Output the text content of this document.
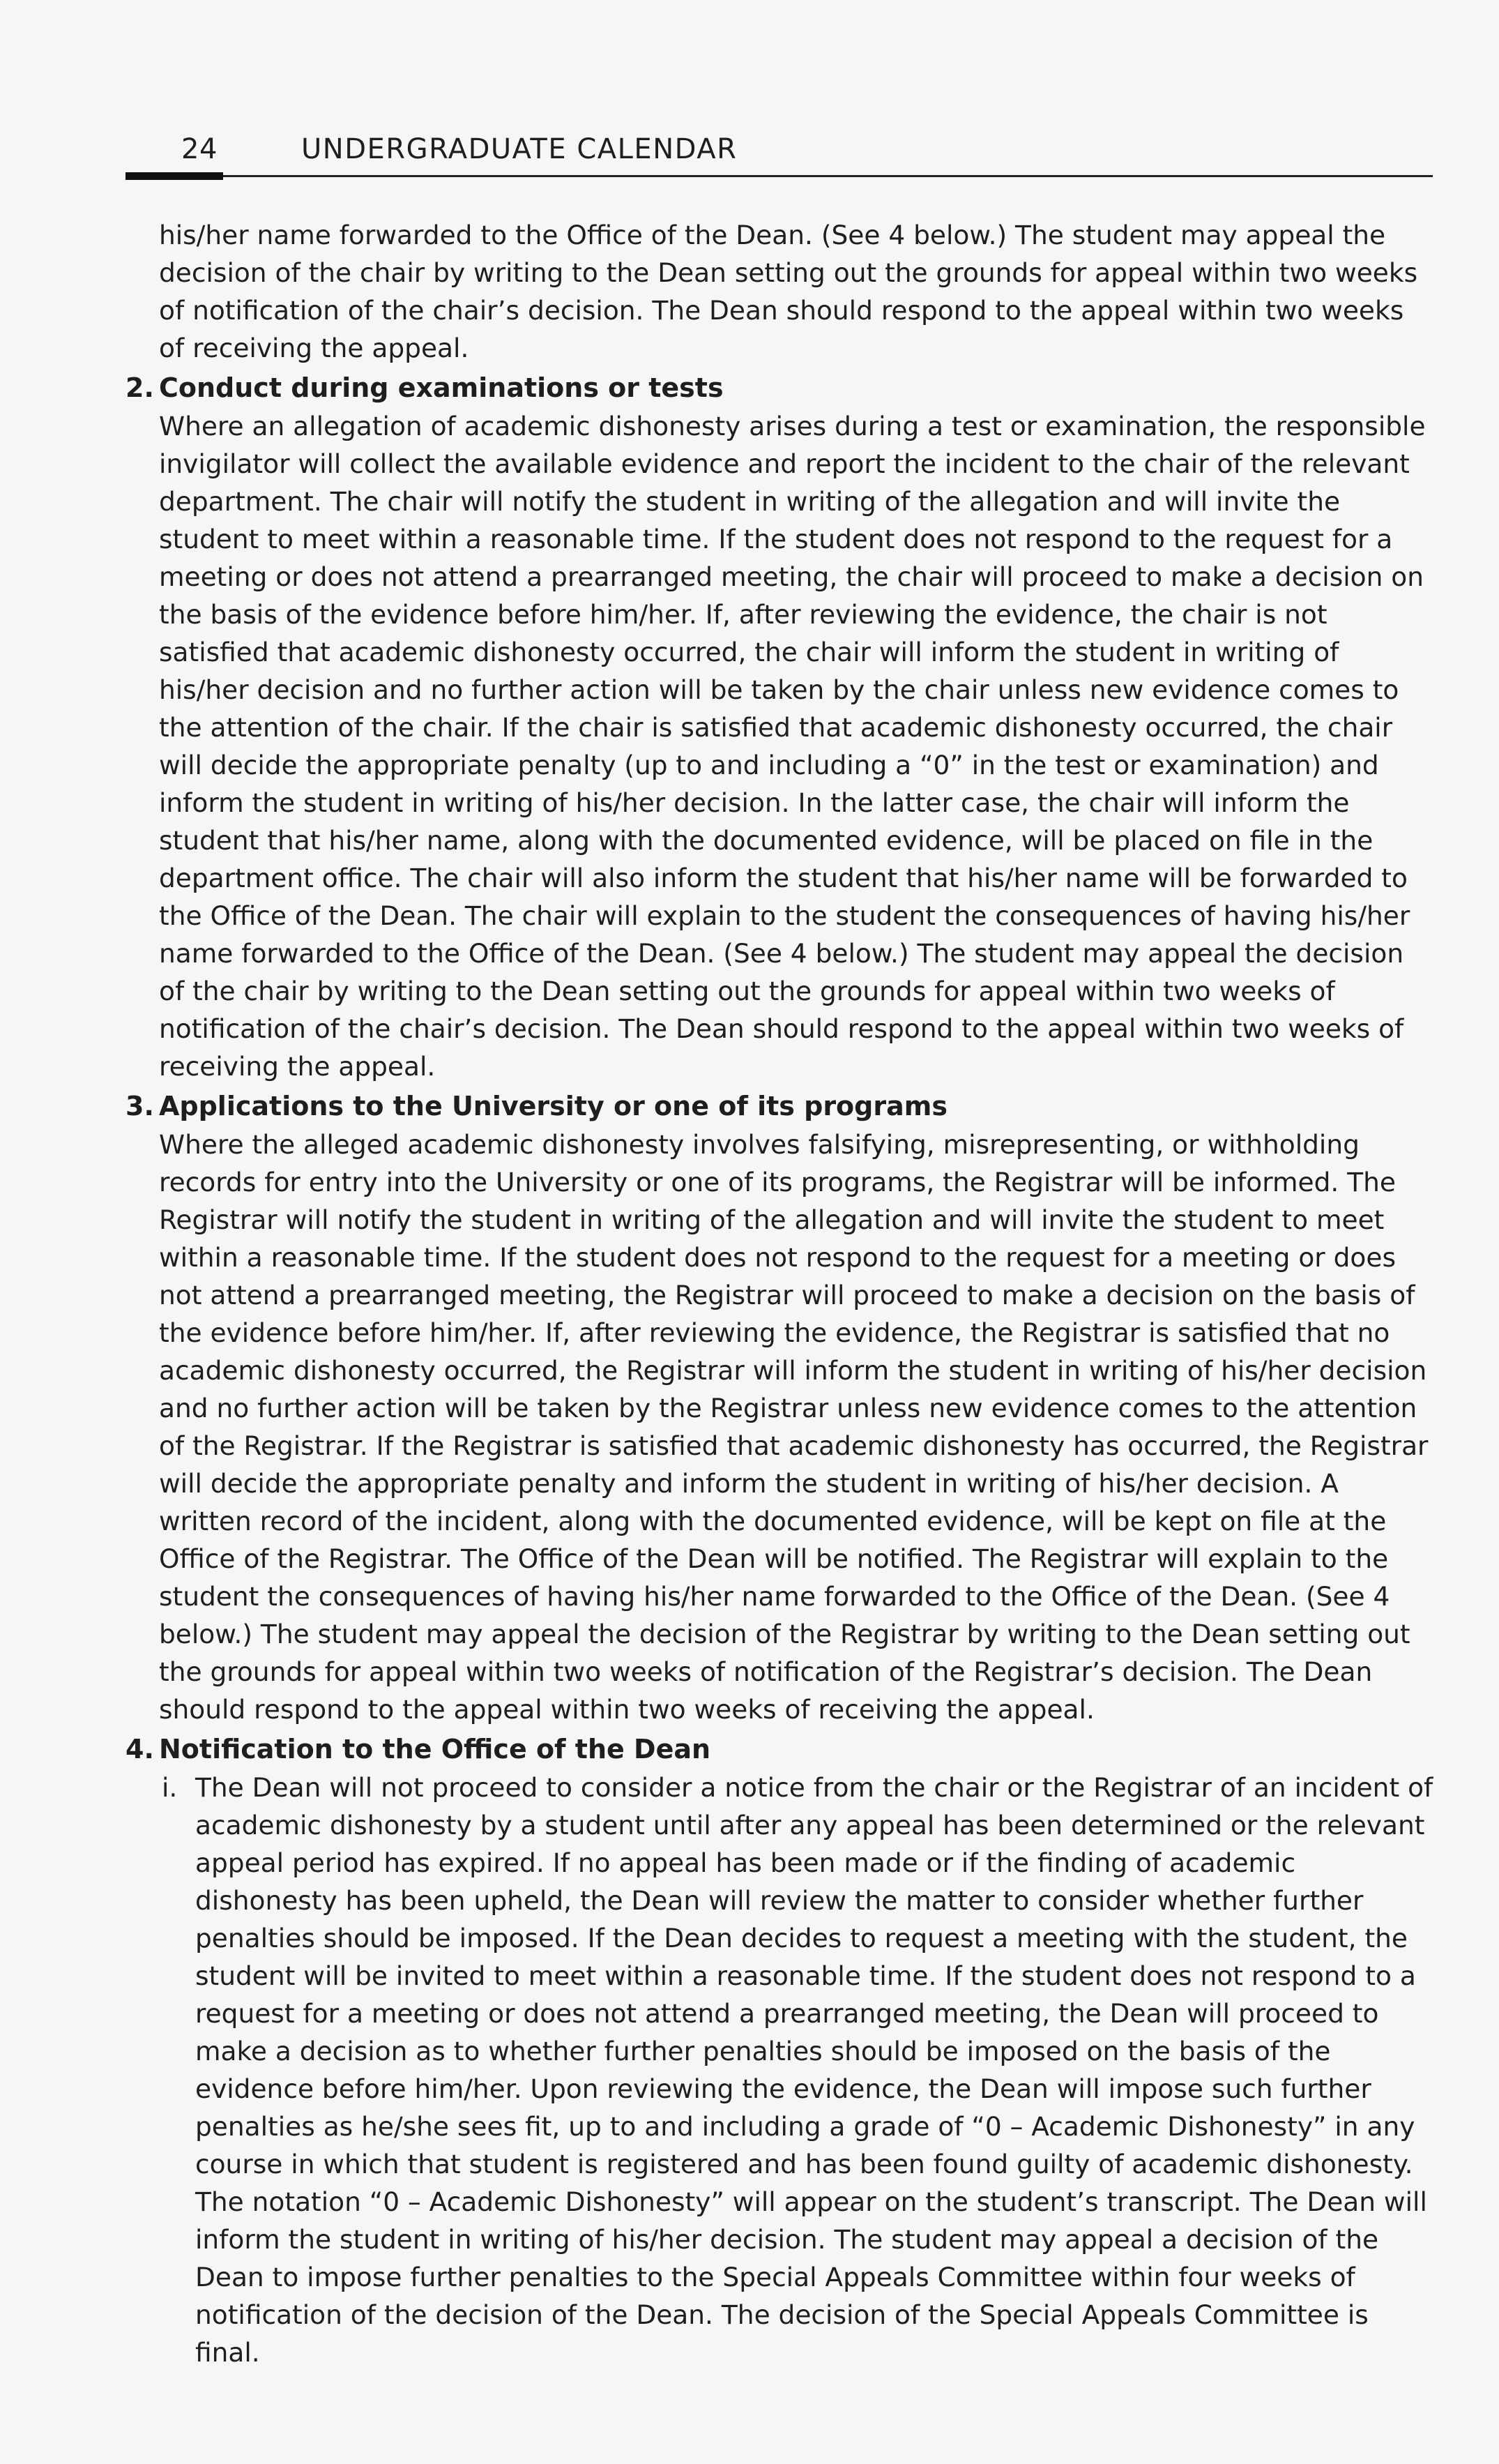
24	UNDERGRADUATE CALENDAR

his/her name forwarded to the Office of the Dean. (See 4 below.) The student may appeal the decision of the chair by writing to the Dean setting out the grounds for appeal within two weeks of notification of the chair’s decision. The Dean should respond to the appeal within two weeks of receiving the appeal.

2. Conduct during examinations or tests

Where an allegation of academic dishonesty arises during a test or examination, the responsible invigilator will collect the available evidence and report the incident to the chair of the relevant department. The chair will notify the student in writing of the allegation and will invite the student to meet within a reasonable time. If the student does not respond to the request for a meeting or does not attend a prearranged meeting, the chair will proceed to make a decision on the basis of the evidence before him/her. If, after reviewing the evidence, the chair is not satisfied that academic dishonesty occurred, the chair will inform the student in writing of his/her decision and no further action will be taken by the chair unless new evidence comes to the attention of the chair. If the chair is satisfied that academic dishonesty occurred, the chair will decide the appropriate penalty (up to and including a “0” in the test or examination) and inform the student in writing of his/her decision. In the latter case, the chair will inform the student that his/her name, along with the documented evidence, will be placed on file in the department office. The chair will also inform the student that his/her name will be forwarded to the Office of the Dean. The chair will explain to the student the consequences of having his/her name forwarded to the Office of the Dean. (See 4 below.) The student may appeal the decision of the chair by writing to the Dean setting out the grounds for appeal within two weeks of notification of the chair’s decision. The Dean should respond to the appeal within two weeks of receiving the appeal.

3. Applications to the University or one of its programs

Where the alleged academic dishonesty involves falsifying, misrepresenting, or withholding records for entry into the University or one of its programs, the Registrar will be informed. The Registrar will notify the student in writing of the allegation and will invite the student to meet within a reasonable time. If the student does not respond to the request for a meeting or does not attend a prearranged meeting, the Registrar will proceed to make a decision on the basis of the evidence before him/her. If, after reviewing the evidence, the Registrar is satisfied that no academic dishonesty occurred, the Registrar will inform the student in writing of his/her decision and no further action will be taken by the Registrar unless new evidence comes to the attention of the Registrar. If the Registrar is satisfied that academic dishonesty has occurred, the Registrar will decide the appropriate penalty and inform the student in writing of his/her decision. A written record of the incident, along with the documented evidence, will be kept on file at the Office of the Registrar. The Office of the Dean will be notified. The Registrar will explain to the student the consequences of having his/her name forwarded to the Office of the Dean. (See 4 below.) The student may appeal the decision of the Registrar by writing to the Dean setting out the grounds for appeal within two weeks of notification of the Registrar’s decision. The Dean should respond to the appeal within two weeks of receiving the appeal.

4. Notification to the Office of the Dean

i. The Dean will not proceed to consider a notice from the chair or the Registrar of an incident of academic dishonesty by a student until after any appeal has been determined or the relevant appeal period has expired. If no appeal has been made or if the finding of academic dishonesty has been upheld, the Dean will review the matter to consider whether further penalties should be imposed. If the Dean decides to request a meeting with the student, the student will be invited to meet within a reasonable time. If the student does not respond to a request for a meeting or does not attend a prearranged meeting, the Dean will proceed to make a decision as to whether further penalties should be imposed on the basis of the evidence before him/her. Upon reviewing the evidence, the Dean will impose such further penalties as he/she sees fit, up to and including a grade of “0 – Academic Dishonesty” in any course in which that student is registered and has been found guilty of academic dishonesty. The notation “0 – Academic Dishonesty” will appear on the student’s transcript. The Dean will inform the student in writing of his/her decision. The student may appeal a decision of the Dean to impose further penalties to the Special Appeals Committee within four weeks of notification of the decision of the Dean. The decision of the Special Appeals Committee is final.
